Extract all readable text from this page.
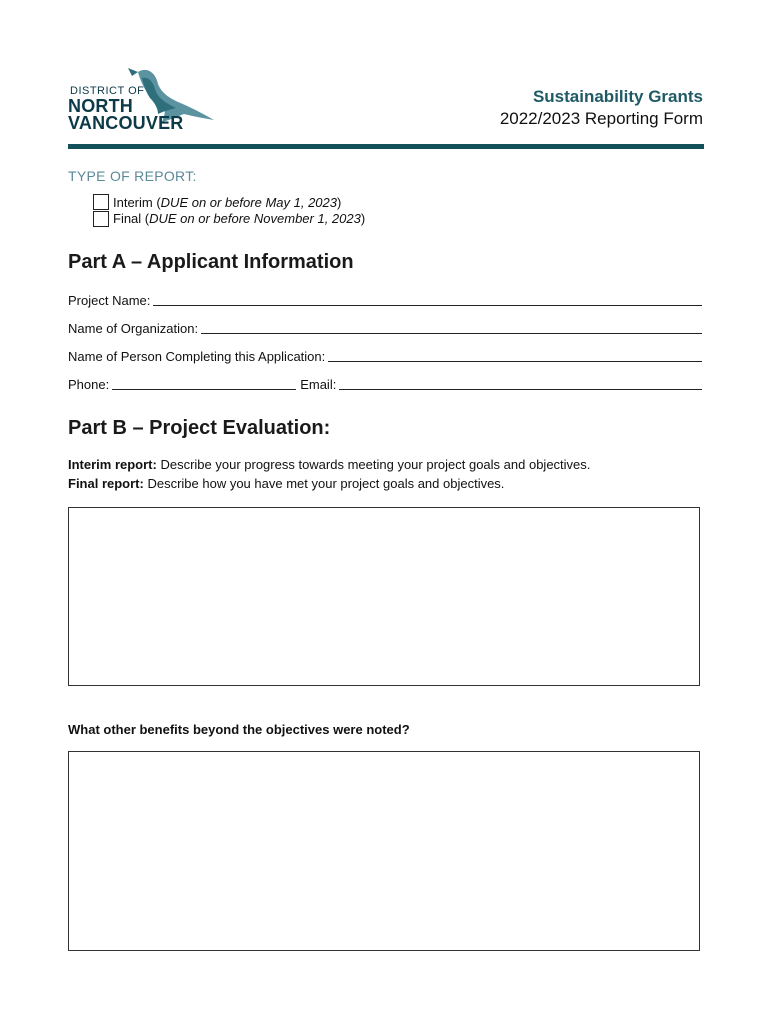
DISTRICT OF
NORTH
VANCOUVER
Sustainability Grants
2022/2023 Reporting Form
TYPE OF REPORT:
Interim (DUE on or before May 1, 2023)
Final (DUE on or before November 1, 2023)
Part A – Applicant Information
Project Name:
Name of Organization:
Name of Person Completing this Application:
Phone:	Email:
Part B – Project Evaluation:
Interim report: Describe your progress towards meeting your project goals and objectives.
Final report: Describe how you have met your project goals and objectives.
What other benefits beyond the objectives were noted?
